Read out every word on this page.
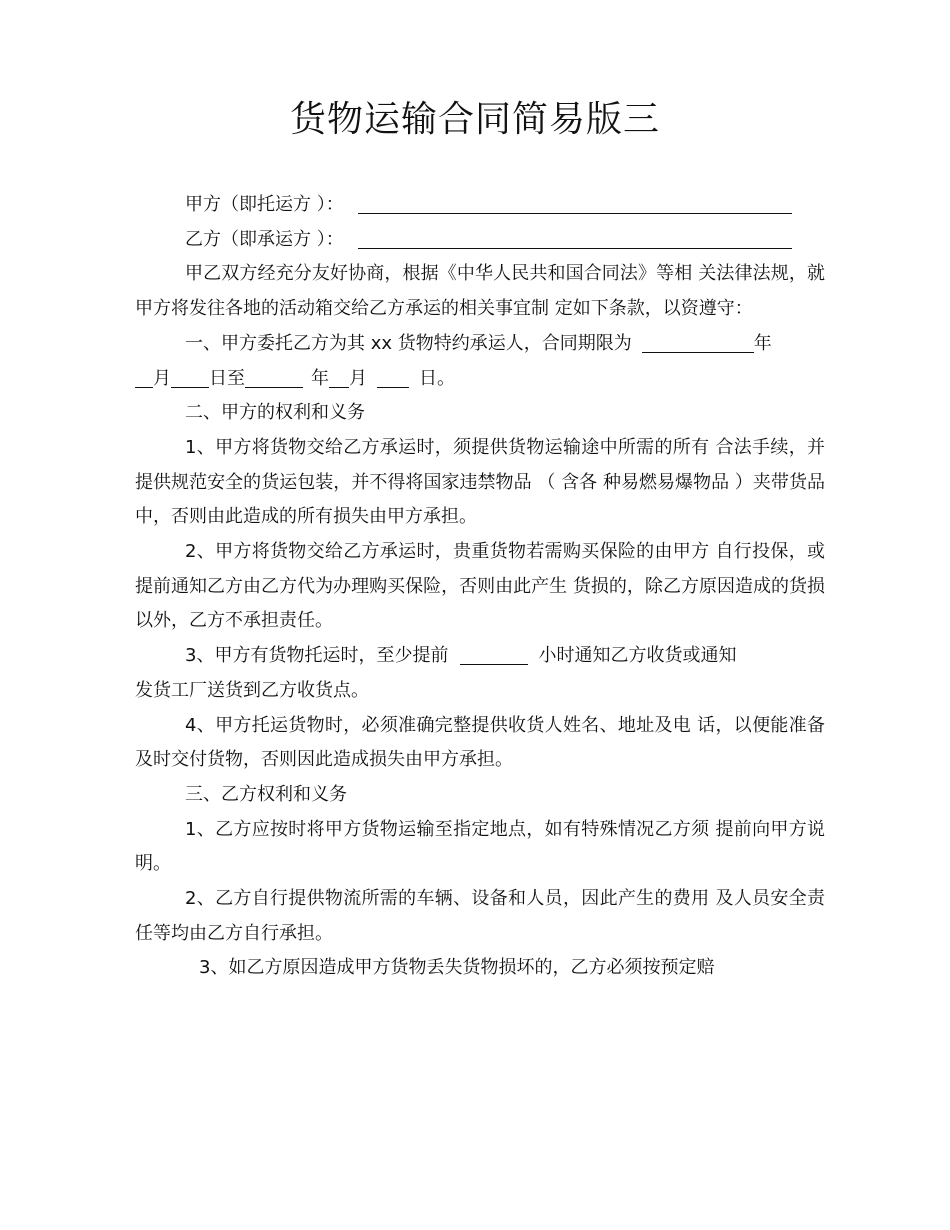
货物运输合同简易版三

甲方（即托运方 ）：

乙方（即承运方 ）：

甲乙双方经充分友好协商，根据《中华人民共和国合同法》等相 关法律法规，就甲方将发往各地的活动箱交给乙方承运的相关事宜制 定如下条款，以资遵守：

一、甲方委托乙方为其 xx 货物特约承运人，合同期限为	年
月 日至	年 月	日。

二、甲方的权利和义务

1、甲方将货物交给乙方承运时，须提供货物运输途中所需的所有 合法手续，并提供规范安全的货运包装，并不得将国家违禁物品 （ 含各 种易燃易爆物品 ）夹带货品中，否则由此造成的所有损失由甲方承担。

2、甲方将货物交给乙方承运时，贵重货物若需购买保险的由甲方 自行投保，或提前通知乙方由乙方代为办理购买保险，否则由此产生 货损的，除乙方原因造成的货损以外，乙方不承担责任。

3、甲方有货物托运时，至少提前	小时通知乙方收货或通知
发货工厂送货到乙方收货点。

4、甲方托运货物时，必须准确完整提供收货人姓名、地址及电 话，以便能准备及时交付货物，否则因此造成损失由甲方承担。

三、乙方权利和义务

1、乙方应按时将甲方货物运输至指定地点，如有特殊情况乙方须 提前向甲方说明。

2、乙方自行提供物流所需的车辆、设备和人员，因此产生的费用 及人员安全责任等均由乙方自行承担。

3、如乙方原因造成甲方货物丢失货物损坏的，乙方必须按预定赔
